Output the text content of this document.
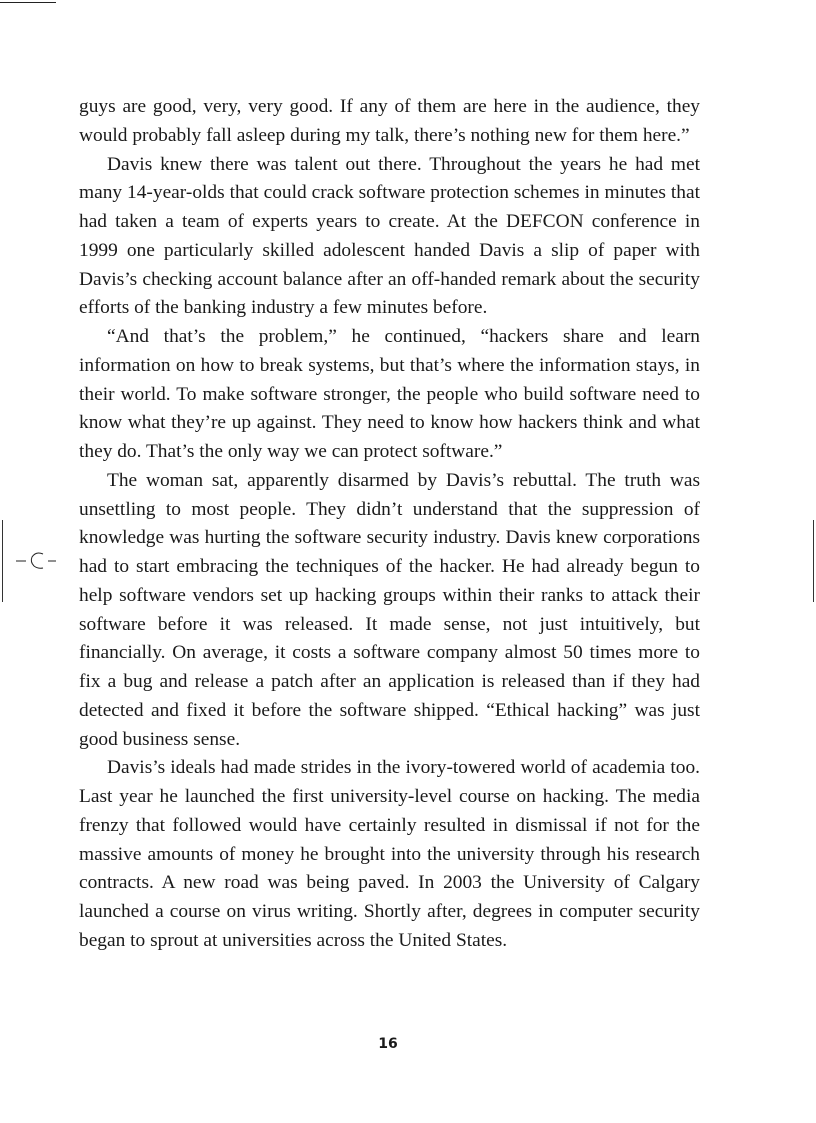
guys are good, very, very good. If any of them are here in the audience, they would probably fall asleep during my talk, there’s nothing new for them here.”

Davis knew there was talent out there. Throughout the years he had met many 14-year-olds that could crack software protection schemes in minutes that had taken a team of experts years to create. At the DEFCON conference in 1999 one particularly skilled adolescent handed Davis a slip of paper with Davis’s checking account balance after an off-handed remark about the security efforts of the banking industry a few minutes before.

“And that’s the problem,” he continued, “hackers share and learn information on how to break systems, but that’s where the information stays, in their world. To make software stronger, the people who build software need to know what they’re up against. They need to know how hackers think and what they do. That’s the only way we can protect software.”

The woman sat, apparently disarmed by Davis’s rebuttal. The truth was unsettling to most people. They didn’t understand that the suppression of knowledge was hurting the software security industry. Davis knew corporations had to start embracing the techniques of the hacker. He had already begun to help software vendors set up hacking groups within their ranks to attack their software before it was released. It made sense, not just intuitively, but financially. On average, it costs a software company almost 50 times more to fix a bug and release a patch after an application is released than if they had detected and fixed it before the software shipped. “Ethical hacking” was just good business sense.

Davis’s ideals had made strides in the ivory-towered world of academia too. Last year he launched the first university-level course on hacking. The media frenzy that followed would have certainly resulted in dismissal if not for the massive amounts of money he brought into the university through his research contracts. A new road was being paved. In 2003 the University of Calgary launched a course on virus writing. Shortly after, degrees in computer security began to sprout at universities across the United States.

16
